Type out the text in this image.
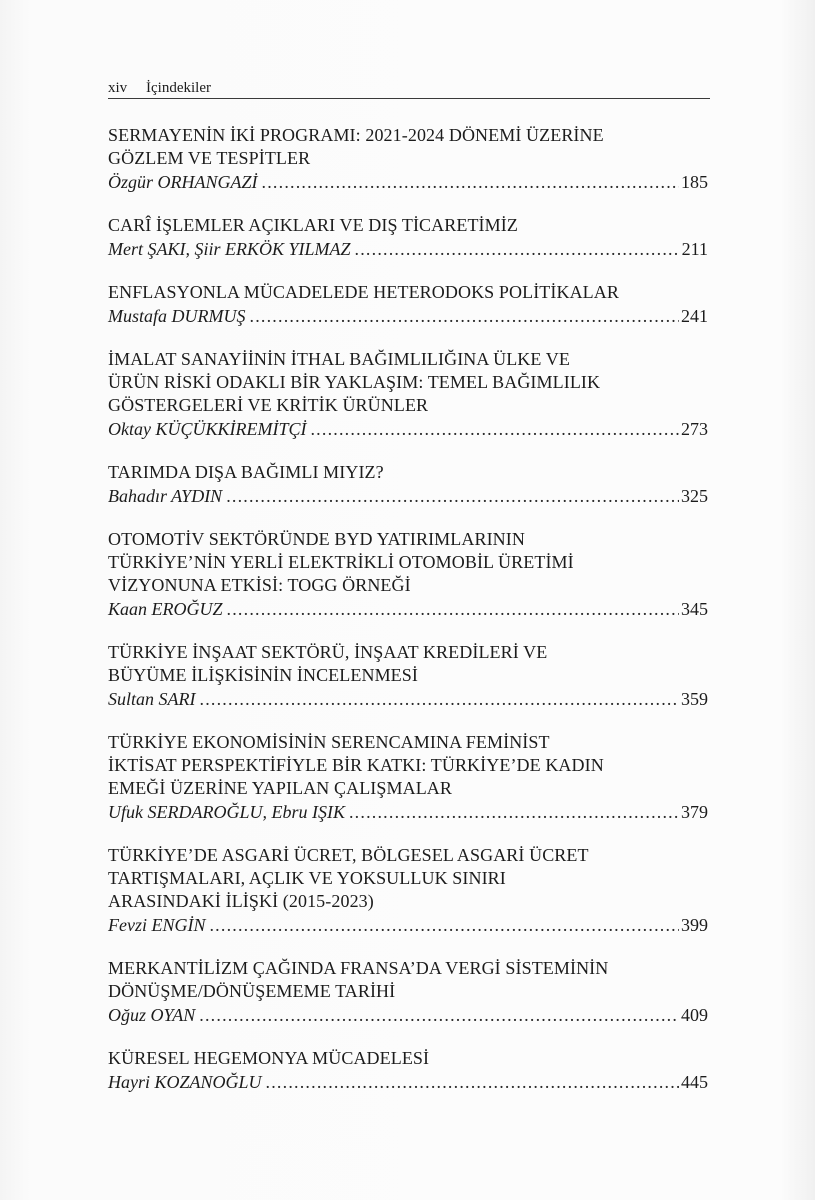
xiv İçindekiler
SERMAYENİN İKİ PROGRAMI: 2021-2024 DÖNEMİ ÜZERİNE
GÖZLEM VE TESPİTLER
Özgür ORHANGAZİ .....	185
CARÎ İŞLEMLER AÇIKLARI VE DIŞ TİCARETİMİZ
Mert ŞAKI, Şiir ERKÖK YILMAZ .....	211
ENFLASYONLA MÜCADELEDE HETERODOKS POLİTİKALAR
Mustafa DURMUŞ .....	241
İMALAT SANAYİİNİN İTHAL BAĞIMLILIĞINA ÜLKE VE
ÜRÜN RİSKİ ODAKLI BİR YAKLAŞIM: TEMEL BAĞIMLILIK
GÖSTERGELERİ VE KRİTİK ÜRÜNLER
Oktay KÜÇÜKKİREMİTÇİ .....	273
TARIMDA DIŞA BAĞIMLI MIYIZ?
Bahadır AYDIN .....	325
OTOMOTİV SEKTÖRÜNDE BYD YATIRIMLARININ
TÜRKİYE’NİN YERLİ ELEKTRİKLİ OTOMOBİL ÜRETİMİ
VİZYONUNA ETKİSİ: TOGG ÖRNEĞİ
Kaan EROĞUZ .....	345
TÜRKİYE İNŞAAT SEKTÖRÜ, İNŞAAT KREDİLERİ VE
BÜYÜME İLİŞKİSİNİN İNCELENMESİ
Sultan SARI .....	359
TÜRKİYE EKONOMİSİNİN SERENCAMINA FEMİNİST
İKTİSAT PERSPEKTİFİYLE BİR KATKI: TÜRKİYE’DE KADIN
EMEĞİ ÜZERİNE YAPILAN ÇALIŞMALAR
Ufuk SERDAROĞLU, Ebru IŞIK .....	379
TÜRKİYE’DE ASGARİ ÜCRET, BÖLGESEL ASGARİ ÜCRET
TARTIŞMALARI, AÇLIK VE YOKSULLUK SINIRI
ARASINDAKİ İLİŞKİ (2015-2023)
Fevzi ENGİN .....	399
MERKANTİLİZM ÇAĞINDA FRANSA’DA VERGİ SİSTEMİNİN
DÖNÜŞME/DÖNÜŞEMEME TARİHİ
Oğuz OYAN .....	409
KÜRESEL HEGEMONYA MÜCADELESİ
Hayri KOZANOĞLU .....	445
